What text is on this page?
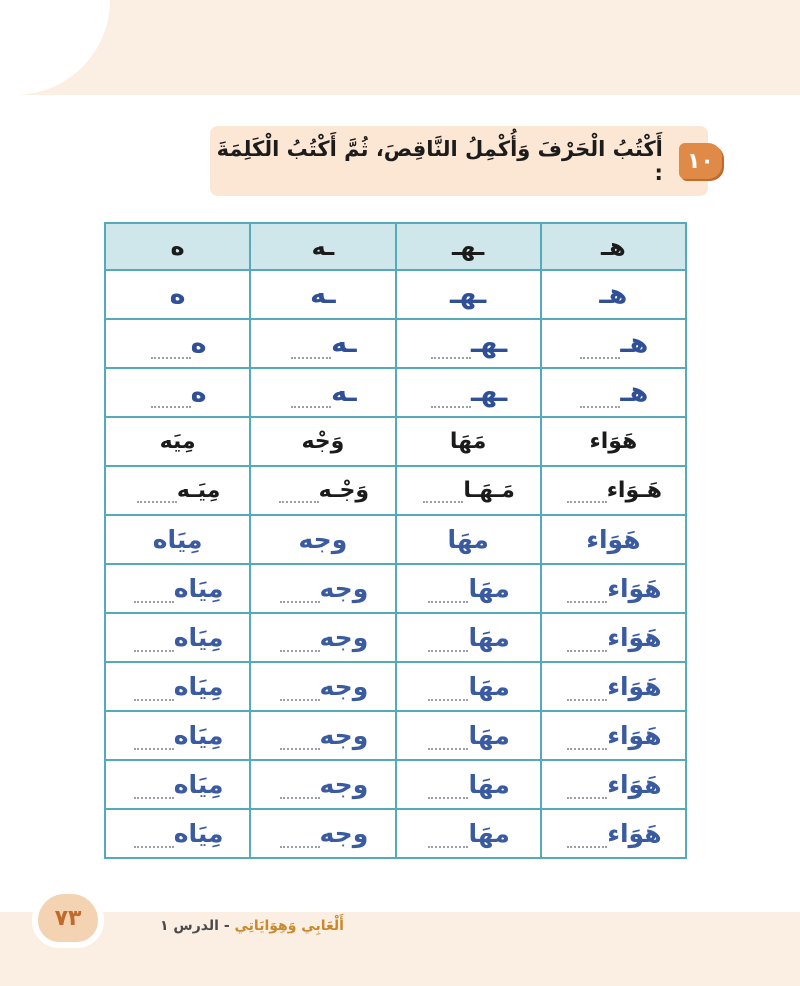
١٠
أَكْتُبُ الْحَرْفَ وَأُكْمِلُ النَّاقِصَ، ثُمَّ أَكْتُبُ الْكَلِمَةَ :
هـ	ـهـ	ـه	ه

هـ	ـهـ	ـه	ه

هـ	ـهـ	ـه	ه

هـ	ـهـ	ـه	ه

هَوَاء	مَهَا	وَجْه	مِيَه

هَـوَاء	مَـهَـا	وَجْـه	مِيَـه

هَوَاء	مهَا	وجه	مِيَاه

هَوَاء	مهَا	وجه	مِيَاه

هَوَاء	مهَا	وجه	مِيَاه

هَوَاء	مهَا	وجه	مِيَاه

هَوَاء	مهَا	وجه	مِيَاه

هَوَاء	مهَا	وجه	مِيَاه

هَوَاء	مهَا	وجه	مِيَاه
٧٣	أَلْعَابِي وَهِوَايَاتِي - الدرس ١
